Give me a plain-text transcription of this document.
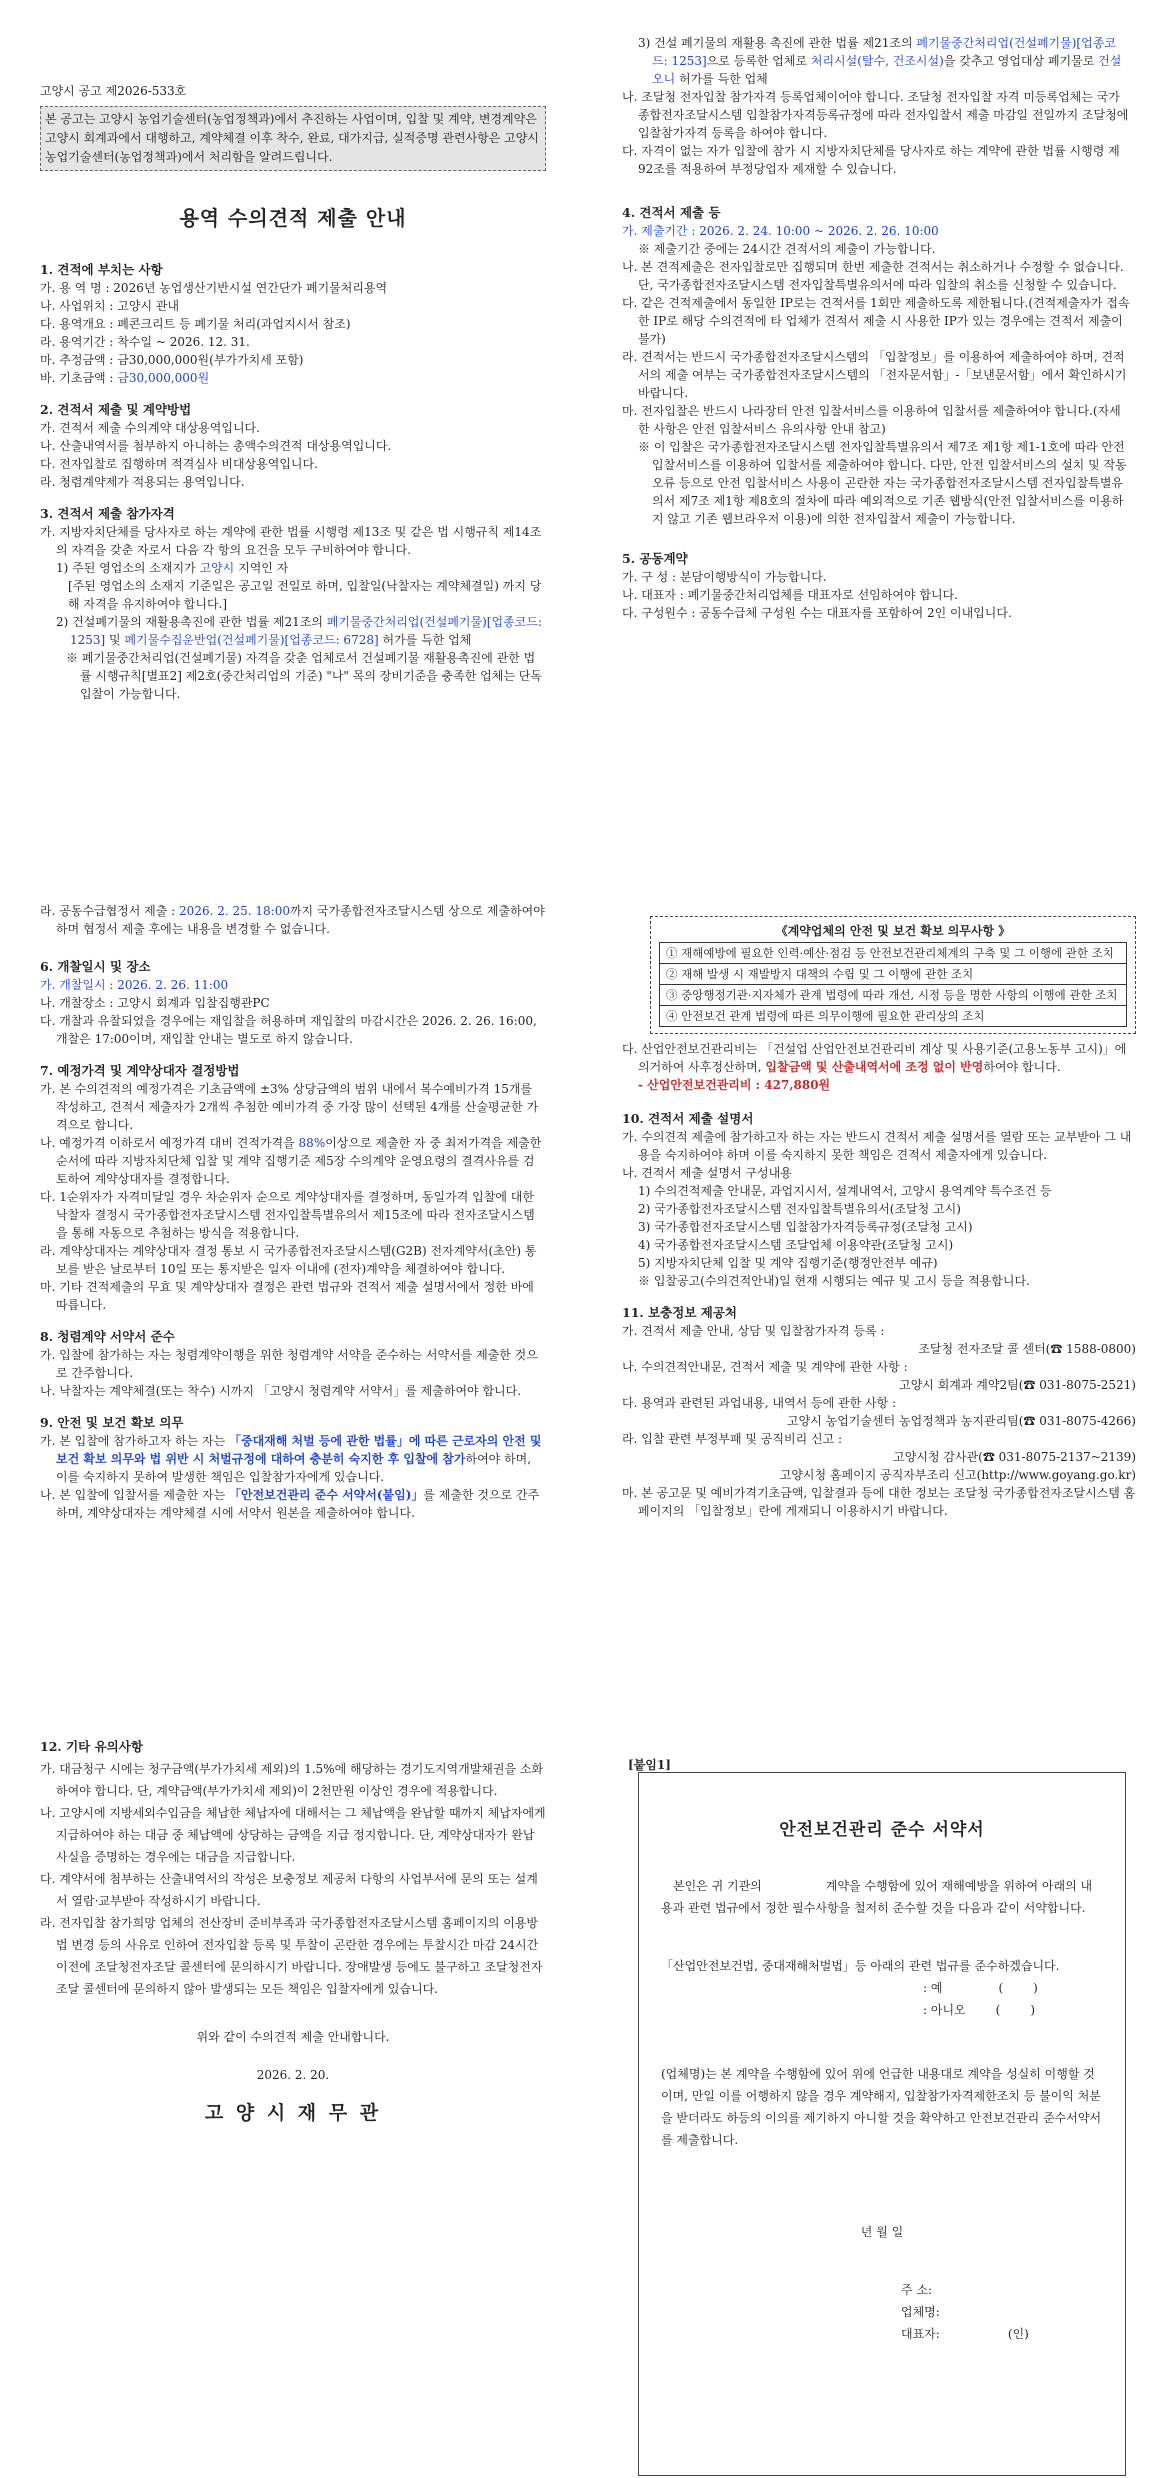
고양시 공고 제2026-533호

본 공고는 고양시 농업기술센터(농업정책과)에서 추진하는 사업이며, 입찰 및 계약, 변경계약은 고양시 회계과에서 대행하고, 계약체결 이후 착수, 완료, 대가지급, 실적증명 관련사항은 고양시 농업기술센터(농업정책과)에서 처리함을 알려드립니다.

용역 수의견적 제출 안내

1. 견적에 부치는 사항

가. 용 역 명 : 2026년 농업생산기반시설 연간단가 폐기물처리용역

나. 사업위치 : 고양시 관내

다. 용역개요 : 폐콘크리트 등 폐기물 처리(과업지시서 참조)

라. 용역기간 : 착수일 ~ 2026. 12. 31.

마. 추정금액 : 금30,000,000원(부가가치세 포함)

바. 기초금액 : 금30,000,000원

2. 견적서 제출 및 계약방법

가. 견적서 제출 수의계약 대상용역입니다.

나. 산출내역서를 첨부하지 아니하는 총액수의견적 대상용역입니다.

다. 전자입찰로 집행하며 적격심사 비대상용역입니다.

라. 청렴계약제가 적용되는 용역입니다.

3. 견적서 제출 참가자격

가. 지방자치단체를 당사자로 하는 계약에 관한 법률 시행령 제13조 및 같은 법 시행규칙 제14조의 자격을 갖춘 자로서 다음 각 항의 요건을 모두 구비하여야 합니다.

1) 주된 영업소의 소재지가 고양시 지역인 자

[주된 영업소의 소재지 기준일은 공고일 전일로 하며, 입찰일(낙찰자는 계약체결일) 까지 당해 자격을 유지하여야 합니다.]

2) 건설폐기물의 재활용촉진에 관한 법률 제21조의 폐기물중간처리업(건설폐기물)[업종코드: 1253] 및 폐기물수집운반업(건설폐기물)[업종코드: 6728] 허가를 득한 업체

※ 폐기물중간처리업(건설폐기물) 자격을 갖춘 업체로서 건설폐기물 재활용촉진에 관한 법률 시행규칙[별표2] 제2호(중간처리업의 기준) "나" 목의 장비기준을 충족한 업체는 단독입찰이 가능합니다.

3) 건설 폐기물의 재활용 촉진에 관한 법률 제21조의 폐기물중간처리업(건설폐기물)[업종코드: 1253]으로 등록한 업체로 처리시설(탈수, 건조시설)을 갖추고 영업대상 폐기물로 건설오니 허가를 득한 업체

나. 조달청 전자입찰 참가자격 등록업체이어야 합니다. 조달청 전자입찰 자격 미등록업체는 국가종합전자조달시스템 입찰참가자격등록규정에 따라 전자입찰서 제출 마감일 전일까지 조달청에 입찰참가자격 등록을 하여야 합니다.

다. 자격이 없는 자가 입찰에 참가 시 지방자치단체를 당사자로 하는 계약에 관한 법률 시행령 제92조를 적용하여 부정당업자 제재할 수 있습니다.

4. 견적서 제출 등

가. 제출기간 : 2026. 2. 24. 10:00 ~ 2026. 2. 26. 10:00

※ 제출기간 중에는 24시간 견적서의 제출이 가능합니다.

나. 본 견적제출은 전자입찰로만 집행되며 한번 제출한 견적서는 취소하거나 수정할 수 없습니다. 단, 국가종합전자조달시스템 전자입찰특별유의서에 따라 입찰의 취소를 신청할 수 있습니다.

다. 같은 견적제출에서 동일한 IP로는 견적서를 1회만 제출하도록 제한됩니다.(견적제출자가 접속한 IP로 해당 수의견적에 타 업체가 견적서 제출 시 사용한 IP가 있는 경우에는 견적서 제출이 불가)

라. 견적서는 반드시 국가종합전자조달시스템의 「입찰정보」를 이용하여 제출하여야 하며, 견적서의 제출 여부는 국가종합전자조달시스템의 「전자문서함」-「보낸문서함」에서 확인하시기 바랍니다.

마. 전자입찰은 반드시 나라장터 안전 입찰서비스를 이용하여 입찰서를 제출하여야 합니다.(자세한 사항은 안전 입찰서비스 유의사항 안내 참고)

※ 이 입찰은 국가종합전자조달시스템 전자입찰특별유의서 제7조 제1항 제1-1호에 따라 안전 입찰서비스를 이용하여 입찰서를 제출하여야 합니다. 다만, 안전 입찰서비스의 설치 및 작동 오류 등으로 안전 입찰서비스 사용이 곤란한 자는 국가종합전자조달시스템 전자입찰특별유의서 제7조 제1항 제8호의 절차에 따라 예외적으로 기존 웹방식(안전 입찰서비스를 이용하지 않고 기존 웹브라우저 이용)에 의한 전자입찰서 제출이 가능합니다.

5. 공동계약

가. 구 성 : 분담이행방식이 가능합니다.

나. 대표자 : 폐기물중간처리업체를 대표자로 선임하여야 합니다.

다. 구성원수 : 공동수급체 구성원 수는 대표자를 포함하여 2인 이내입니다.

라. 공동수급협정서 제출 : 2026. 2. 25. 18:00까지 국가종합전자조달시스템 상으로 제출하여야 하며 협정서 제출 후에는 내용을 변경할 수 없습니다.

6. 개찰일시 및 장소

가. 개찰일시 : 2026. 2. 26. 11:00

나. 개찰장소 : 고양시 회계과 입찰집행관PC

다. 개찰과 유찰되었을 경우에는 재입찰을 허용하며 재입찰의 마감시간은 2026. 2. 26. 16:00, 개찰은 17:00이며, 재입찰 안내는 별도로 하지 않습니다.

7. 예정가격 및 계약상대자 결정방법

가. 본 수의견적의 예정가격은 기초금액에 ±3% 상당금액의 범위 내에서 복수예비가격 15개를 작성하고, 견적서 제출자가 2개씩 추첨한 예비가격 중 가장 많이 선택된 4개를 산술평균한 가격으로 합니다.

나. 예정가격 이하로서 예정가격 대비 견적가격을 88%이상으로 제출한 자 중 최저가격을 제출한 순서에 따라 지방자치단체 입찰 및 계약 집행기준 제5장 수의계약 운영요령의 결격사유를 검토하여 계약상대자를 결정합니다.

다. 1순위자가 자격미달일 경우 차순위자 순으로 계약상대자를 결정하며, 동일가격 입찰에 대한 낙찰자 결정시 국가종합전자조달시스템 전자입찰특별유의서 제15조에 따라 전자조달시스템을 통해 자동으로 추첨하는 방식을 적용합니다.

라. 계약상대자는 계약상대자 결정 통보 시 국가종합전자조달시스템(G2B) 전자계약서(초안) 통보를 받은 날로부터 10일 또는 통지받은 일자 이내에 (전자)계약을 체결하여야 합니다.

마. 기타 견적제출의 무효 및 계약상대자 결정은 관련 법규와 견적서 제출 설명서에서 정한 바에 따릅니다.

8. 청렴계약 서약서 준수

가. 입찰에 참가하는 자는 청렴계약이행을 위한 청렴계약 서약을 준수하는 서약서를 제출한 것으로 간주합니다.

나. 낙찰자는 계약체결(또는 착수) 시까지 「고양시 청렴계약 서약서」를 제출하여야 합니다.

9. 안전 및 보건 확보 의무

가. 본 입찰에 참가하고자 하는 자는 「중대재해 처벌 등에 관한 법률」에 따른 근로자의 안전 및 보건 확보 의무와 법 위반 시 처벌규정에 대하여 충분히 숙지한 후 입찰에 참가하여야 하며, 이를 숙지하지 못하여 발생한 책임은 입찰참가자에게 있습니다.

나. 본 입찰에 입찰서를 제출한 자는 「안전보건관리 준수 서약서(붙임)」를 제출한 것으로 간주하며, 계약상대자는 계약체결 시에 서약서 원본을 제출하여야 합니다.

《계약업체의 안전 및 보건 확보 의무사항 》
① 재해예방에 필요한 인력·예산·점검 등 안전보건관리체계의 구축 및 그 이행에 관한 조치
② 재해 발생 시 재발방지 대책의 수립 및 그 이행에 관한 조치
③ 중앙행정기관·지자체가 관계 법령에 따라 개선, 시정 등을 명한 사항의 이행에 관한 조치
④ 안전보건 관계 법령에 따른 의무이행에 필요한 관리상의 조치

다. 산업안전보건관리비는 「건설업 산업안전보건관리비 계상 및 사용기준(고용노동부 고시)」에 의거하여 사후정산하며, 입찰금액 및 산출내역서에 조정 없이 반영하여야 합니다.

- 산업안전보건관리비 : 427,880원

10. 견적서 제출 설명서

가. 수의견적 제출에 참가하고자 하는 자는 반드시 견적서 제출 설명서를 열람 또는 교부받아 그 내용을 숙지하여야 하며 이를 숙지하지 못한 책임은 견적서 제출자에게 있습니다.

나. 견적서 제출 설명서 구성내용

1) 수의견적제출 안내문, 과업지시서, 설계내역서, 고양시 용역계약 특수조건 등

2) 국가종합전자조달시스템 전자입찰특별유의서(조달청 고시)

3) 국가종합전자조달시스템 입찰참가자격등록규정(조달청 고시)

4) 국가종합전자조달시스템 조달업체 이용약관(조달청 고시)

5) 지방자치단체 입찰 및 계약 집행기준(행정안전부 예규)

※ 입찰공고(수의견적안내)일 현재 시행되는 예규 및 고시 등을 적용합니다.

11. 보충정보 제공처

가. 견적서 제출 안내, 상담 및 입찰참가자격 등록 :

조달청 전자조달 콜 센터(☎ 1588-0800)

나. 수의견적안내문, 견적서 제출 및 계약에 관한 사항 :

고양시 회계과 계약2팀(☎ 031-8075-2521)

다. 용역과 관련된 과업내용, 내역서 등에 관한 사항 :

고양시 농업기술센터 농업정책과 농지관리팀(☎ 031-8075-4266)

라. 입찰 관련 부정부패 및 공직비리 신고 :

고양시청 감사관(☎ 031-8075-2137~2139)

고양시청 홈페이지 공직자부조리 신고(http://www.goyang.go.kr)

마. 본 공고문 및 예비가격기초금액, 입찰결과 등에 대한 정보는 조달청 국가종합전자조달시스템 홈페이지의 「입찰정보」란에 게재되니 이용하시기 바랍니다.

12. 기타 유의사항

가. 대금청구 시에는 청구금액(부가가치세 제외)의 1.5%에 해당하는 경기도지역개발채권을 소화하여야 합니다. 단, 계약금액(부가가치세 제외)이 2천만원 이상인 경우에 적용합니다.

나. 고양시에 지방세외수입금을 체납한 체납자에 대해서는 그 체납액을 완납할 때까지 체납자에게 지급하여야 하는 대금 중 체납액에 상당하는 금액을 지급 정지합니다. 단, 계약상대자가 완납 사실을 증명하는 경우에는 대금을 지급합니다.

다. 계약서에 첨부하는 산출내역서의 작성은 보충정보 제공처 다항의 사업부서에 문의 또는 설계서 열람·교부받아 작성하시기 바랍니다.

라. 전자입찰 참가희망 업체의 전산장비 준비부족과 국가종합전자조달시스템 홈페이지의 이용방법 변경 등의 사유로 인하여 전자입찰 등록 및 투찰이 곤란한 경우에는 투찰시간 마감 24시간 이전에 조달청전자조달 콜센터에 문의하시기 바랍니다. 장애발생 등에도 불구하고 조달청전자조달 콜센터에 문의하지 않아 발생되는 모든 책임은 입찰자에게 있습니다.

위와 같이 수의견적 제출 안내합니다.

2026. 2. 20.

고 양 시 재 무 관

[붙임1]

안전보건관리 준수 서약서

본인은 귀 기관의	계약을 수행함에 있어 재해예방을 위하여 아래의 내용과 관련 법규에서 정한 필수사항을 철저히 준수할 것을 다음과 같이 서약합니다.

「산업안전보건법, 중대재해처벌법」등 아래의 관련 법규를 준수하겠습니다.

: 예	(	)

: 아니오	(	)

(업체명)는 본 계약을 수행함에 있어 위에 언급한 내용대로 계약을 성실히 이행할 것이며, 만일 이를 어행하지 않을 경우 계약해지, 입찰참가자격제한조치 등 불이익 처분을 받더라도 하등의 이의를 제기하지 아니할 것을 확약하고 안전보건관리 준수서약서를 제출합니다.

년 월 일

주 소:

업체명:

대표자:	(인)
